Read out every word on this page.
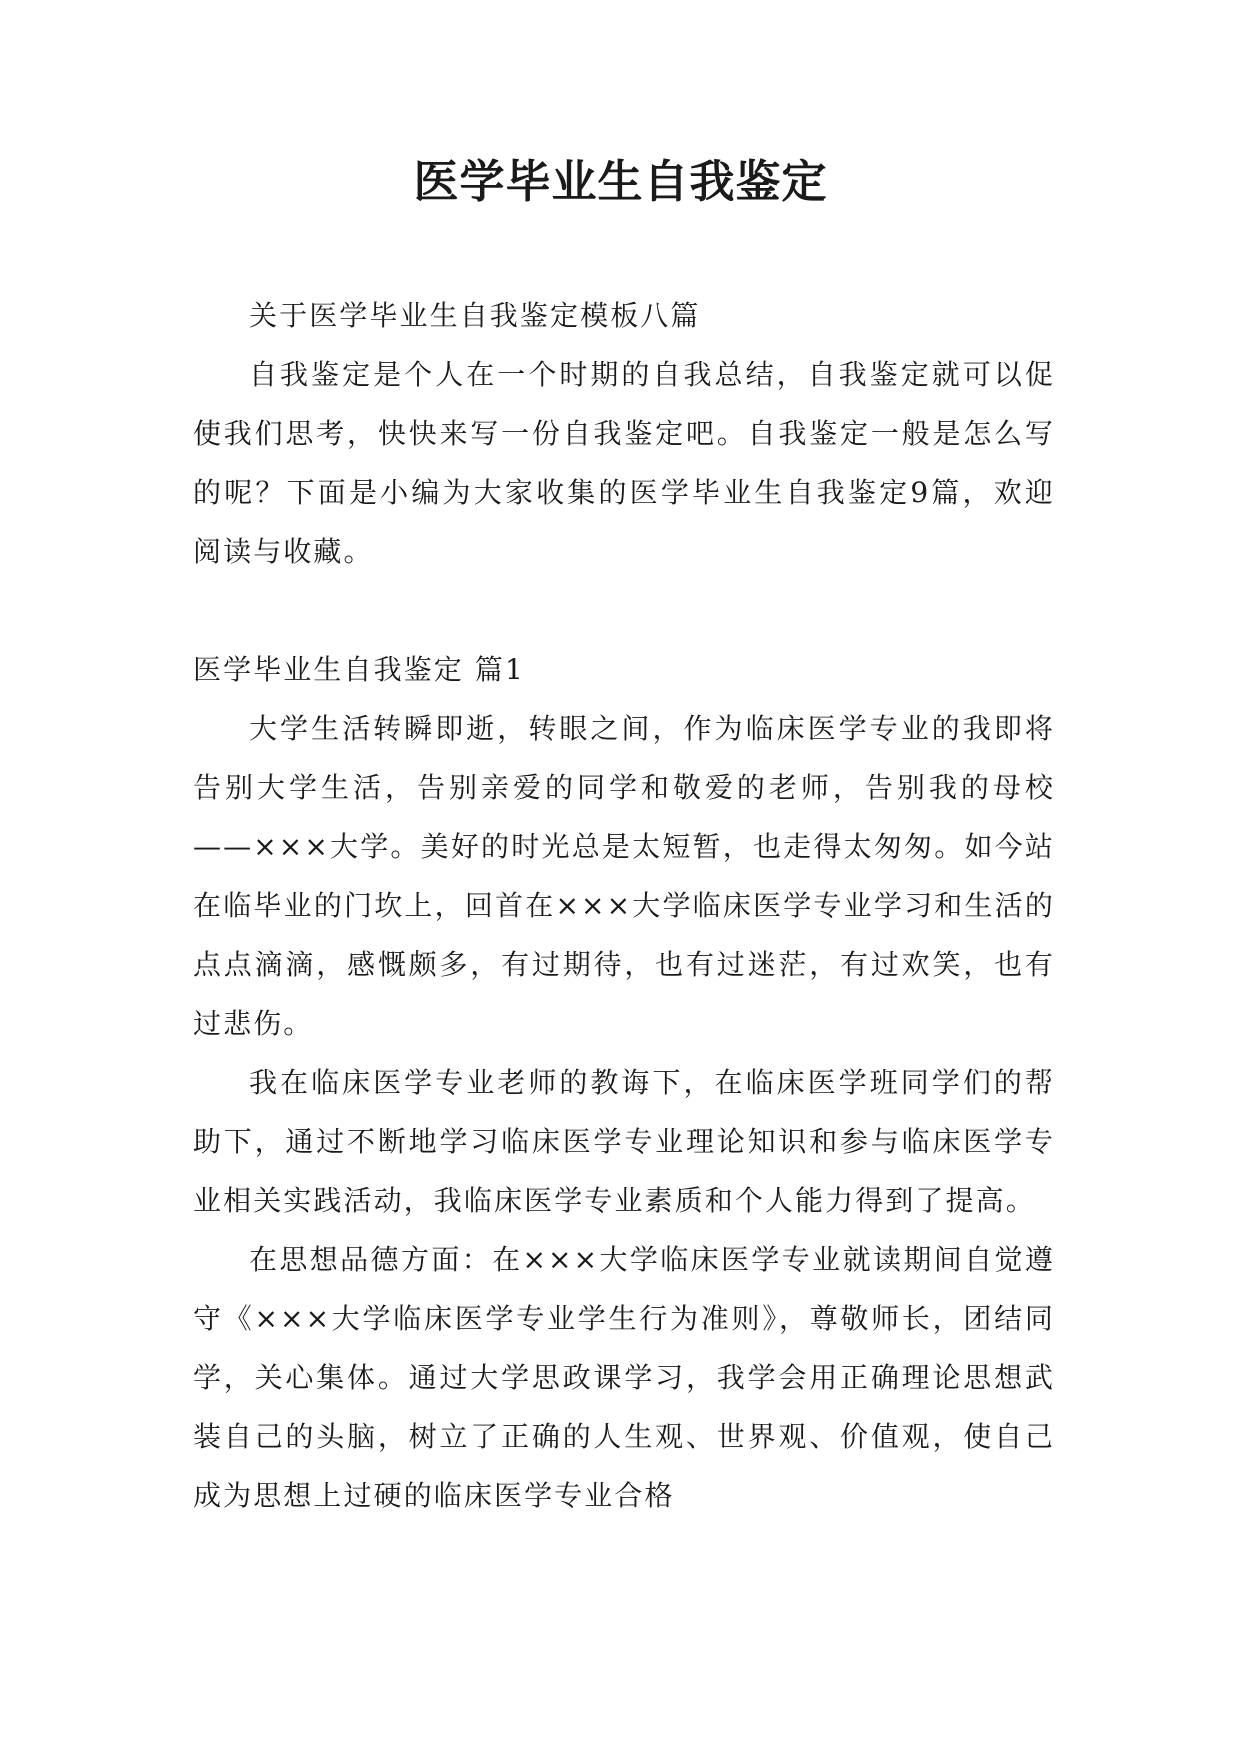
医学毕业生自我鉴定

关于医学毕业生自我鉴定模板八篇

自我鉴定是个人在一个时期的自我总结，自我鉴定就可以促使我们思考，快快来写一份自我鉴定吧。自我鉴定一般是怎么写的呢？下面是小编为大家收集的医学毕业生自我鉴定9篇，欢迎阅读与收藏。

医学毕业生自我鉴定 篇1

大学生活转瞬即逝，转眼之间，作为临床医学专业的我即将告别大学生活，告别亲爱的同学和敬爱的老师，告别我的母校——×××大学。美好的时光总是太短暂，也走得太匆匆。如今站在临毕业的门坎上，回首在×××大学临床医学专业学习和生活的点点滴滴，感慨颇多，有过期待，也有过迷茫，有过欢笑，也有过悲伤。

我在临床医学专业老师的教诲下，在临床医学班同学们的帮助下，通过不断地学习临床医学专业理论知识和参与临床医学专业相关实践活动，我临床医学专业素质和个人能力得到了提高。

在思想品德方面：在×××大学临床医学专业就读期间自觉遵守《×××大学临床医学专业学生行为准则》，尊敬师长，团结同学，关心集体。通过大学思政课学习，我学会用正确理论思想武装自己的头脑，树立了正确的人生观、世界观、价值观，使自己成为思想上过硬的临床医学专业合格
